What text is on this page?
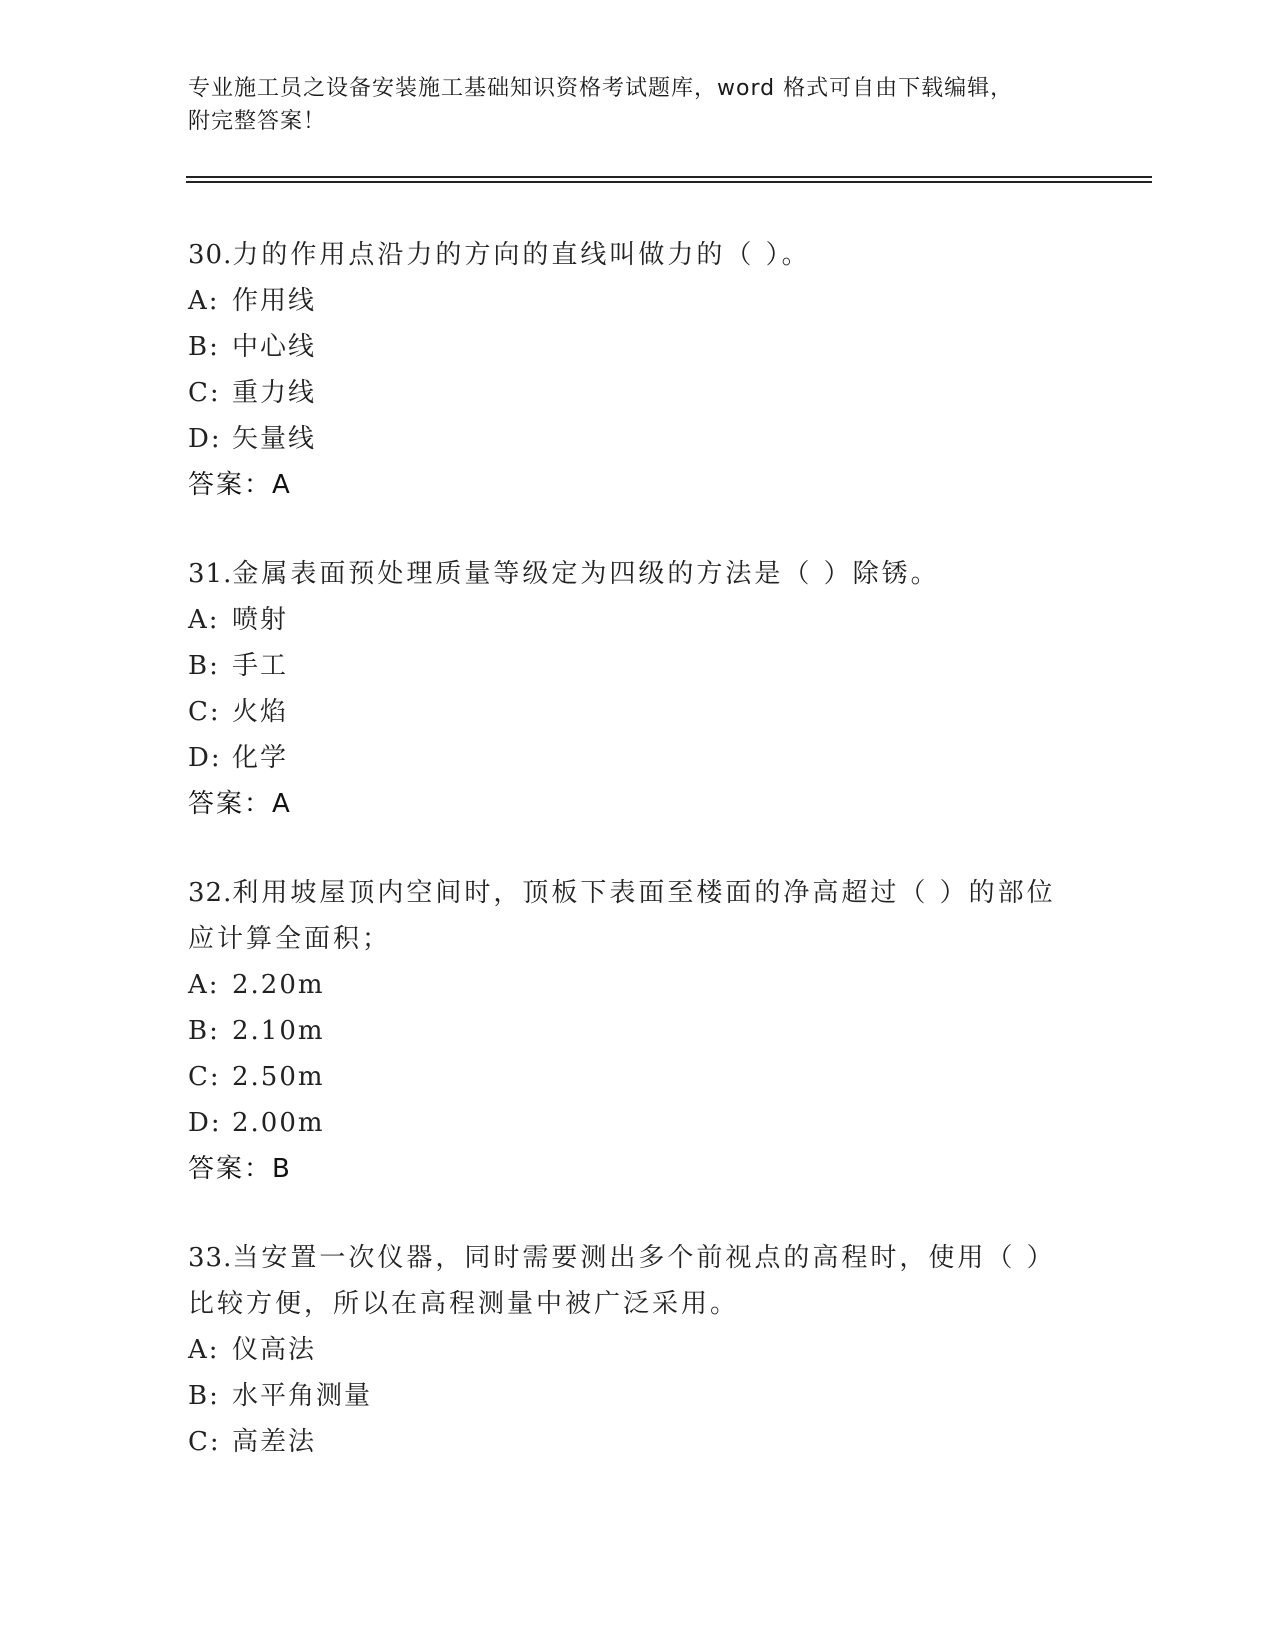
专业施工员之设备安装施工基础知识资格考试题库，word 格式可自由下载编辑，
附完整答案！
30.力的作用点沿力的方向的直线叫做力的（ ）。
A: 作用线
B: 中心线
C: 重力线
D: 矢量线
答案：A
31.金属表面预处理质量等级定为四级的方法是（ ）除锈。
A: 喷射
B: 手工
C: 火焰
D: 化学
答案：A
32.利用坡屋顶内空间时，顶板下表面至楼面的净高超过（ ）的部位
应计算全面积；
A: 2.20m
B: 2.10m
C: 2.50m
D: 2.00m
答案：B
33.当安置一次仪器，同时需要测出多个前视点的高程时，使用（ ）
比较方便，所以在高程测量中被广泛采用。
A: 仪高法
B: 水平角测量
C: 高差法
